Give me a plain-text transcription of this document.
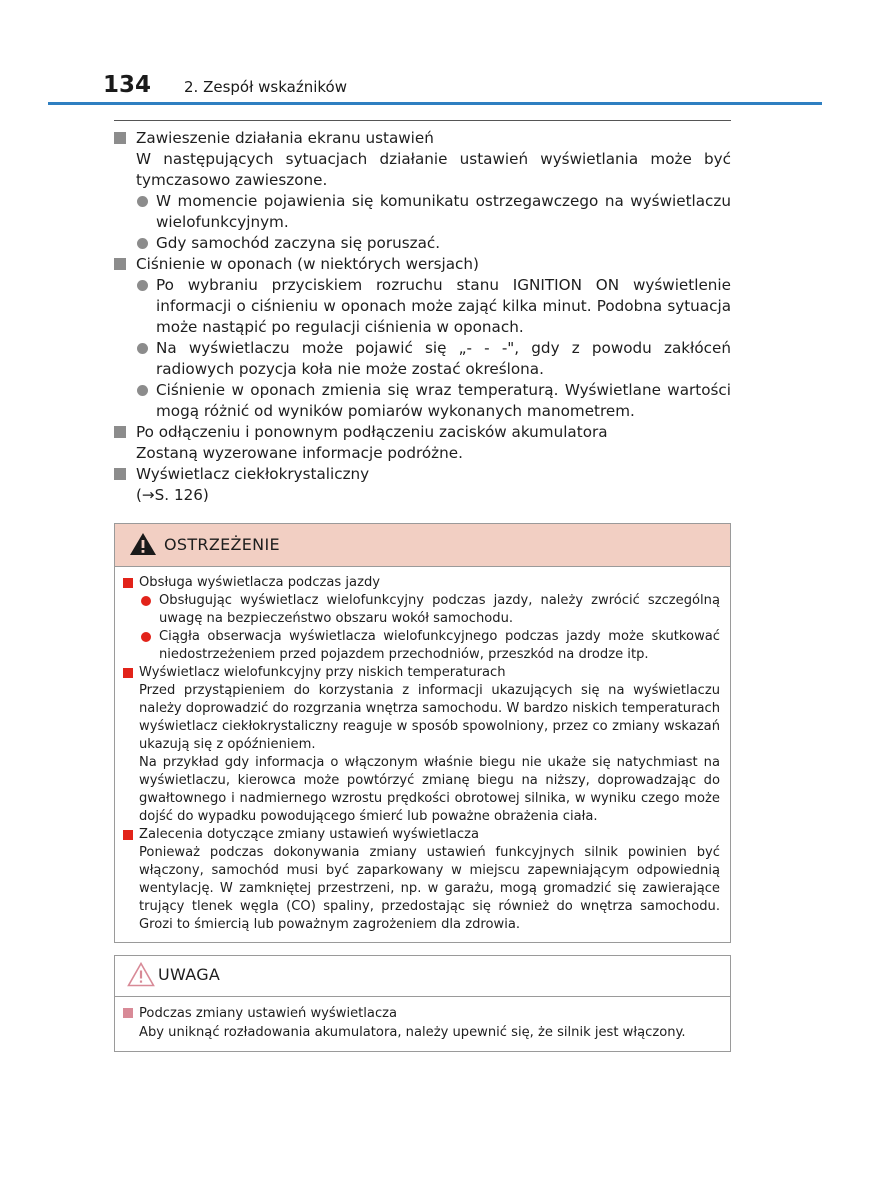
134 2. Zespół wskaźników
Zawieszenie działania ekranu ustawień
W następujących sytuacjach działanie ustawień wyświetlania może być tymczasowo zawieszone.
W momencie pojawienia się komunikatu ostrzegawczego na wyświetlaczu wielofunkcyjnym.
Gdy samochód zaczyna się poruszać.
Ciśnienie w oponach (w niektórych wersjach)
Po wybraniu przyciskiem rozruchu stanu IGNITION ON wyświetlenie informacji o ciśnieniu w oponach może zająć kilka minut. Podobna sytuacja może nastąpić po regulacji ciśnienia w oponach.
Na wyświetlaczu może pojawić się „- - -", gdy z powodu zakłóceń radiowych pozycja koła nie może zostać określona.
Ciśnienie w oponach zmienia się wraz temperaturą. Wyświetlane wartości mogą różnić od wyników pomiarów wykonanych manometrem.
Po odłączeniu i ponownym podłączeniu zacisków akumulatora
Zostaną wyzerowane informacje podróżne.
Wyświetlacz ciekłokrystaliczny
(→S. 126)
OSTRZEŻENIE
Obsługa wyświetlacza podczas jazdy
Obsługując wyświetlacz wielofunkcyjny podczas jazdy, należy zwrócić szczególną uwagę na bezpieczeństwo obszaru wokół samochodu.
Ciągła obserwacja wyświetlacza wielofunkcyjnego podczas jazdy może skutkować niedostrzeżeniem przed pojazdem przechodniów, przeszkód na drodze itp.
Wyświetlacz wielofunkcyjny przy niskich temperaturach
Przed przystąpieniem do korzystania z informacji ukazujących się na wyświetlaczu należy doprowadzić do rozgrzania wnętrza samochodu. W bardzo niskich temperaturach wyświetlacz ciekłokrystaliczny reaguje w sposób spowolniony, przez co zmiany wskazań ukazują się z opóźnieniem.
Na przykład gdy informacja o włączonym właśnie biegu nie ukaże się natychmiast na wyświetlaczu, kierowca może powtórzyć zmianę biegu na niższy, doprowadzając do gwałtownego i nadmiernego wzrostu prędkości obrotowej silnika, w wyniku czego może dojść do wypadku powodującego śmierć lub poważne obrażenia ciała.
Zalecenia dotyczące zmiany ustawień wyświetlacza
Ponieważ podczas dokonywania zmiany ustawień funkcyjnych silnik powinien być włączony, samochód musi być zaparkowany w miejscu zapewniającym odpowiednią wentylację. W zamkniętej przestrzeni, np. w garażu, mogą gromadzić się zawierające trujący tlenek węgla (CO) spaliny, przedostając się również do wnętrza samochodu. Grozi to śmiercią lub poważnym zagrożeniem dla zdrowia.
UWAGA
Podczas zmiany ustawień wyświetlacza
Aby uniknąć rozładowania akumulatora, należy upewnić się, że silnik jest włączony.
